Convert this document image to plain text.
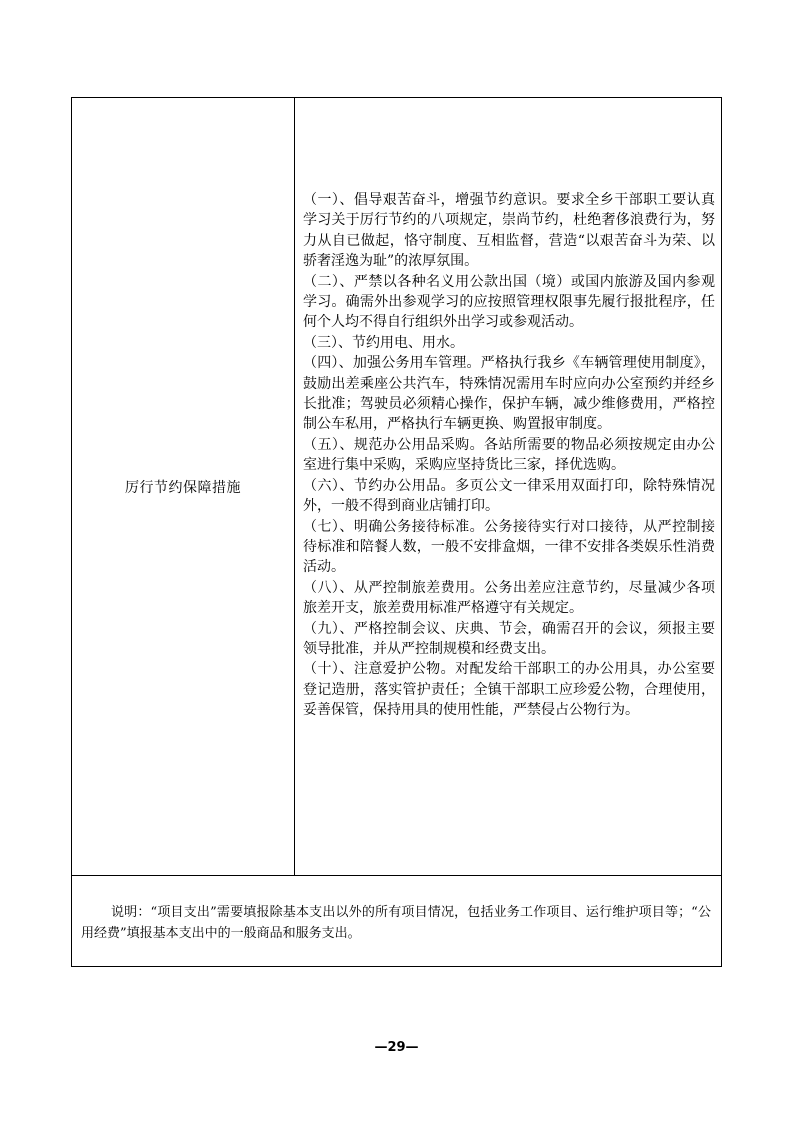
厉行节约保障措施

（一）、倡导艰苦奋斗，增强节约意识。要求全乡干部职工要认真学习关于厉行节约的八项规定，崇尚节约，杜绝奢侈浪费行为，努力从自已做起，恪守制度、互相监督，营造“以艰苦奋斗为荣、以骄奢淫逸为耻”的浓厚氛围。

（二）、严禁以各种名义用公款出国（境）或国内旅游及国内参观学习。确需外出参观学习的应按照管理权限事先履行报批程序，任何个人均不得自行组织外出学习或参观活动。

（三）、节约用电、用水。

（四）、加强公务用车管理。严格执行我乡《车辆管理使用制度》，鼓励出差乘座公共汽车，特殊情况需用车时应向办公室预约并经乡长批准；驾驶员必须精心操作，保护车辆，减少维修费用，严格控制公车私用，严格执行车辆更换、购置报审制度。

（五）、规范办公用品采购。各站所需要的物品必须按规定由办公室进行集中采购，采购应坚持货比三家，择优选购。

（六）、节约办公用品。多页公文一律采用双面打印，除特殊情况外，一般不得到商业店铺打印。

（七）、明确公务接待标准。公务接待实行对口接待，从严控制接待标准和陪餐人数，一般不安排盒烟，一律不安排各类娱乐性消费活动。

（八）、从严控制旅差费用。公务出差应注意节约，尽量减少各项旅差开支，旅差费用标准严格遵守有关规定。

（九）、严格控制会议、庆典、节会，确需召开的会议，须报主要领导批准，并从严控制规模和经费支出。

（十）、注意爱护公物。对配发给干部职工的办公用具，办公室要登记造册，落实管护责任；全镇干部职工应珍爱公物，合理使用，妥善保管，保持用具的使用性能，严禁侵占公物行为。

说明：“项目支出”需要填报除基本支出以外的所有项目情况，包括业务工作项目、运行维护项目等；“公用经费”填报基本支出中的一般商品和服务支出。
—29—
